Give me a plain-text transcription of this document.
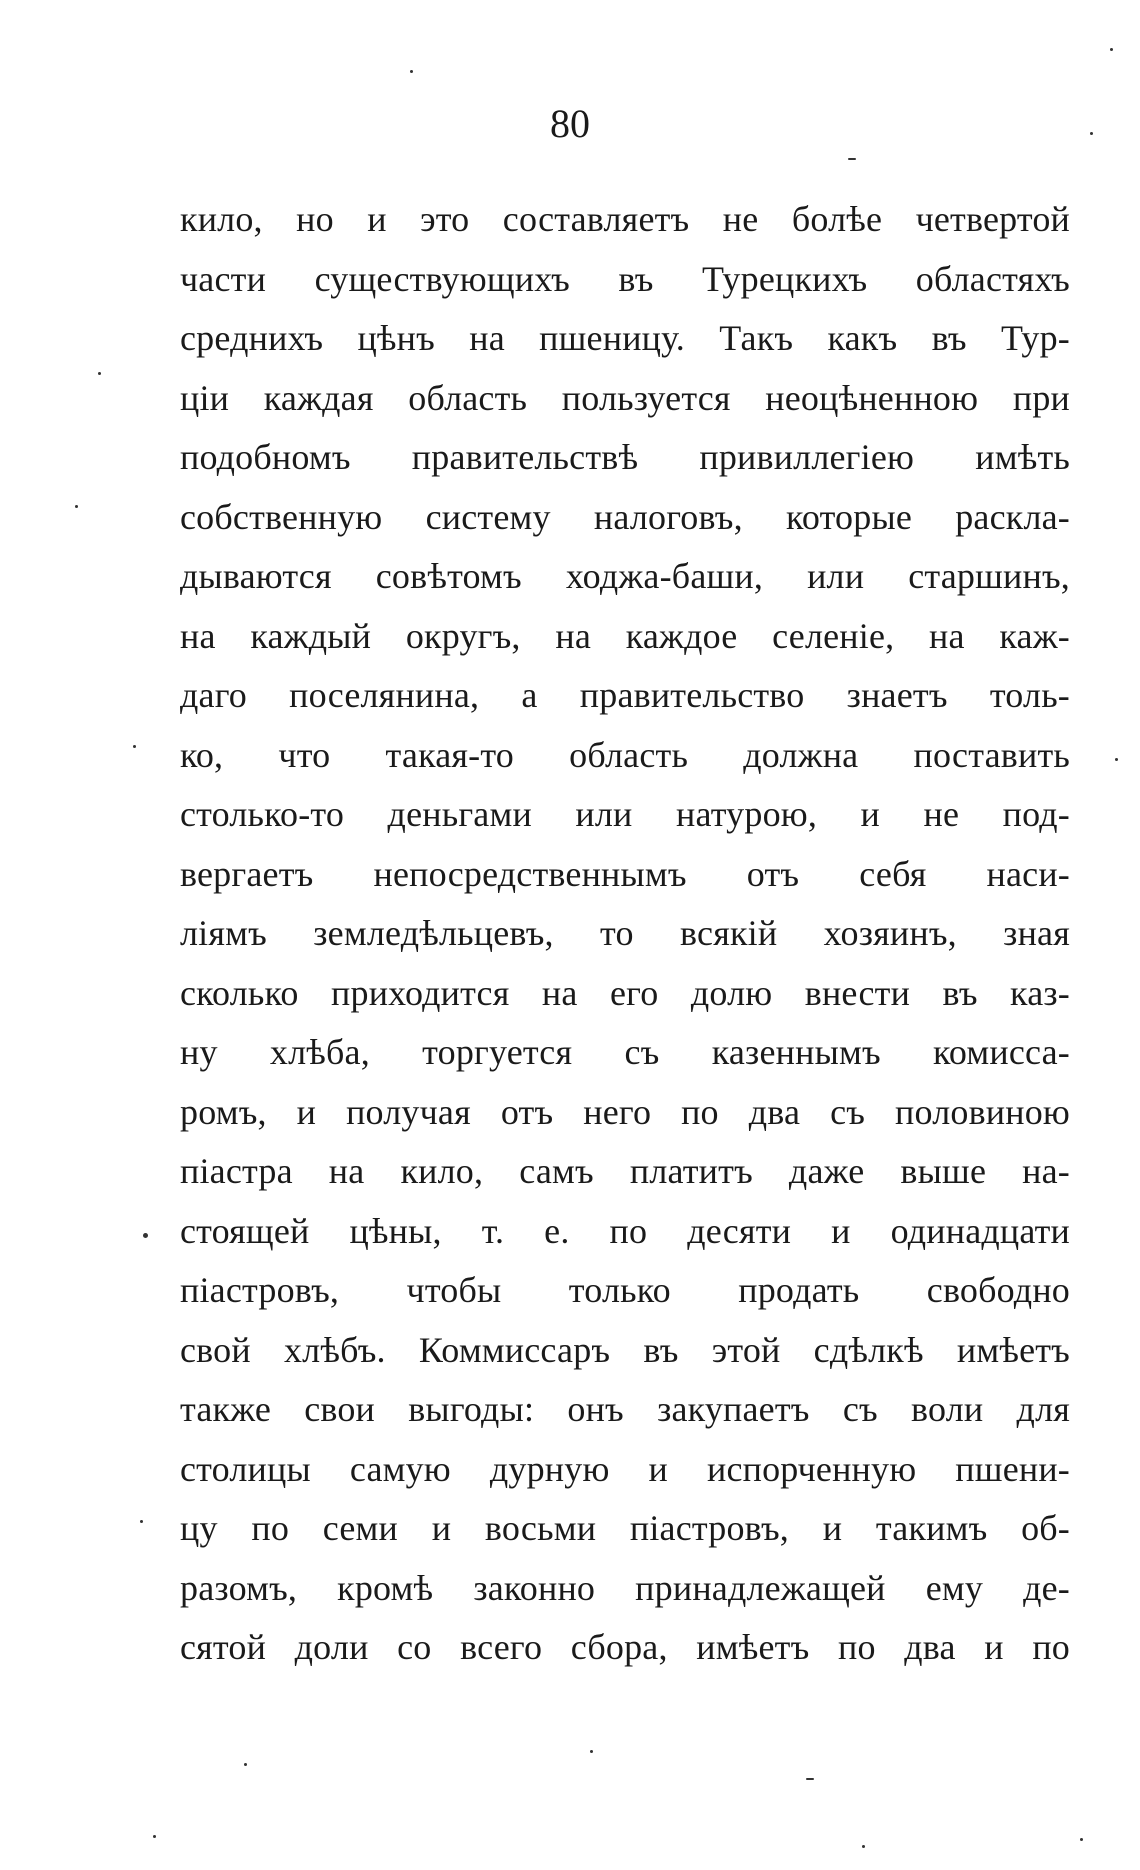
80
кило, но и это составляетъ не болѣе четвертой
части существующихъ въ Турецкихъ областяхъ
среднихъ цѣнъ на пшеницу. Такъ какъ въ Тур-
ціи каждая область пользуется неоцѣненною при
подобномъ правительствѣ привиллегіею имѣть
собственную систему налоговъ, которые раскла-
дываются совѣтомъ ходжа-баши, или старшинъ,
на каждый округъ, на каждое селеніе, на каж-
даго поселянина, а правительство знаетъ толь-
ко, что такая-то область должна поставить
столько-то деньгами или натурою, и не под-
вергаетъ непосредственнымъ отъ себя наси-
ліямъ земледѣльцевъ, то всякій хозяинъ, зная
сколько приходится на его долю внести въ каз-
ну хлѣба, торгуется съ казеннымъ комисса-
ромъ, и получая отъ него по два съ половиною
піастра на кило, самъ платитъ даже выше на-
стоящей цѣны, т. е. по десяти и одинадцати
піастровъ, чтобы только продать свободно
свой хлѣбъ. Коммиссаръ въ этой сдѣлкѣ имѣетъ
также свои выгоды: онъ закупаетъ съ воли для
столицы самую дурную и испорченную пшени-
цу по семи и восьми піастровъ, и такимъ об-
разомъ, кромѣ законно принадлежащей ему де-
сятой доли со всего сбора, имѣетъ по два и по
